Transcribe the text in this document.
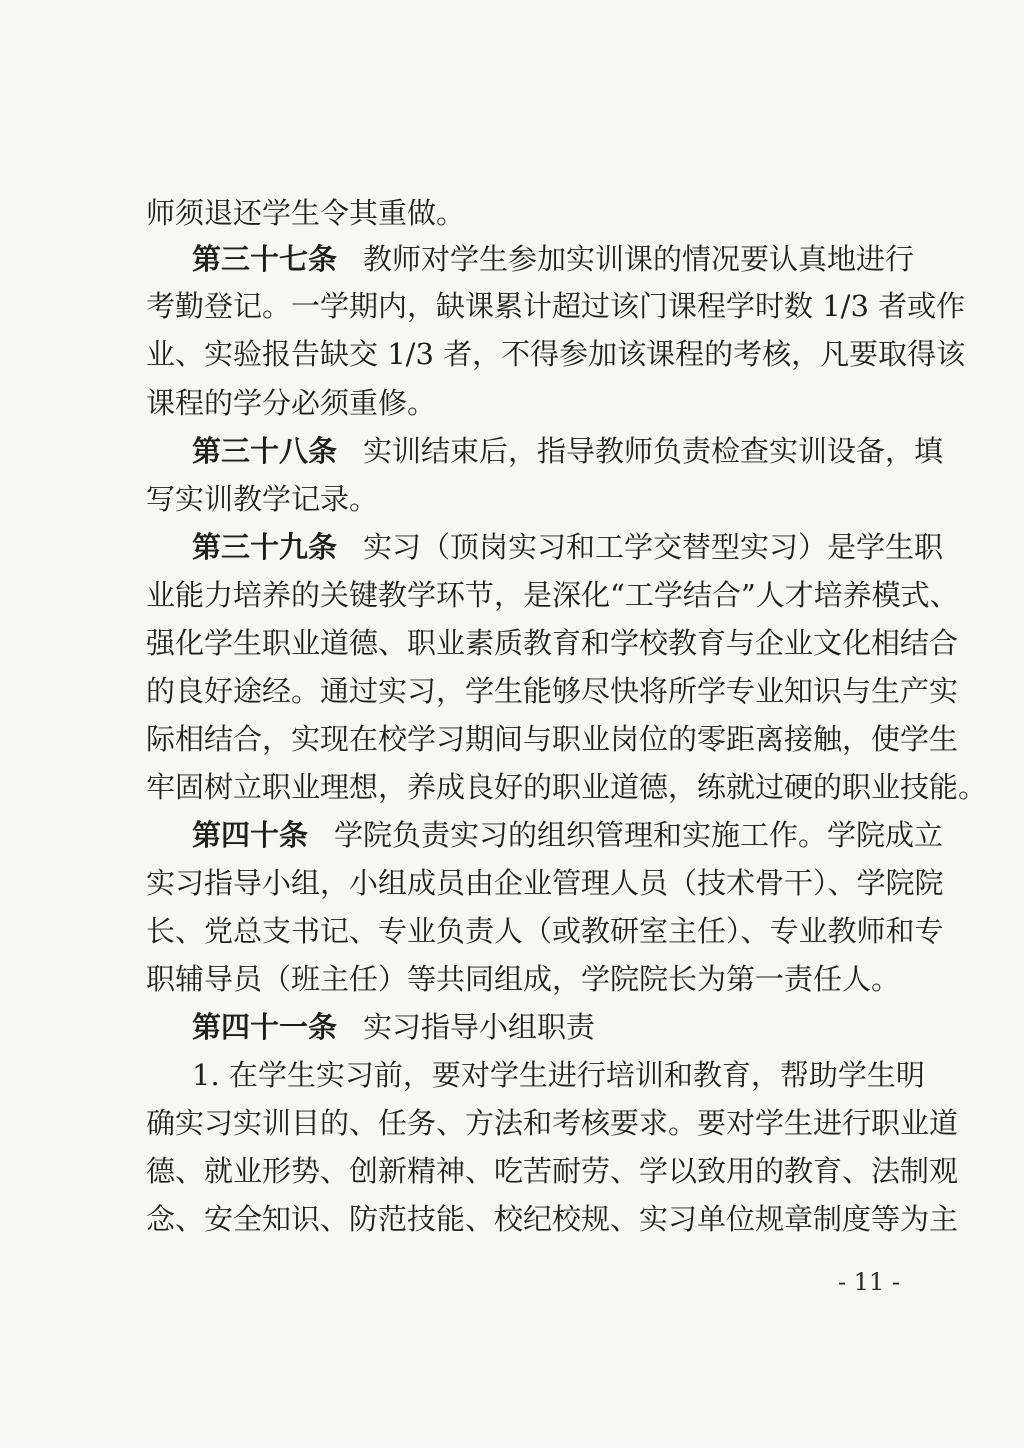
师须退还学生令其重做。
第三十七条 教师对学生参加实训课的情况要认真地进行
考勤登记。一学期内，缺课累计超过该门课程学时数 1/3 者或作
业、实验报告缺交 1/3 者，不得参加该课程的考核，凡要取得该
课程的学分必须重修。
第三十八条 实训结束后，指导教师负责检查实训设备，填
写实训教学记录。
第三十九条 实习（顶岗实习和工学交替型实习）是学生职
业能力培养的关键教学环节，是深化“工学结合”人才培养模式、
强化学生职业道德、职业素质教育和学校教育与企业文化相结合
的良好途经。通过实习，学生能够尽快将所学专业知识与生产实
际相结合，实现在校学习期间与职业岗位的零距离接触，使学生
牢固树立职业理想，养成良好的职业道德，练就过硬的职业技能。
第四十条 学院负责实习的组织管理和实施工作。学院成立
实习指导小组，小组成员由企业管理人员（技术骨干）、学院院
长、党总支书记、专业负责人（或教研室主任）、专业教师和专
职辅导员（班主任）等共同组成，学院院长为第一责任人。
第四十一条 实习指导小组职责
1. 在学生实习前，要对学生进行培训和教育，帮助学生明
确实习实训目的、任务、方法和考核要求。要对学生进行职业道
德、就业形势、创新精神、吃苦耐劳、学以致用的教育、法制观
念、安全知识、防范技能、校纪校规、实习单位规章制度等为主
- 11 -
